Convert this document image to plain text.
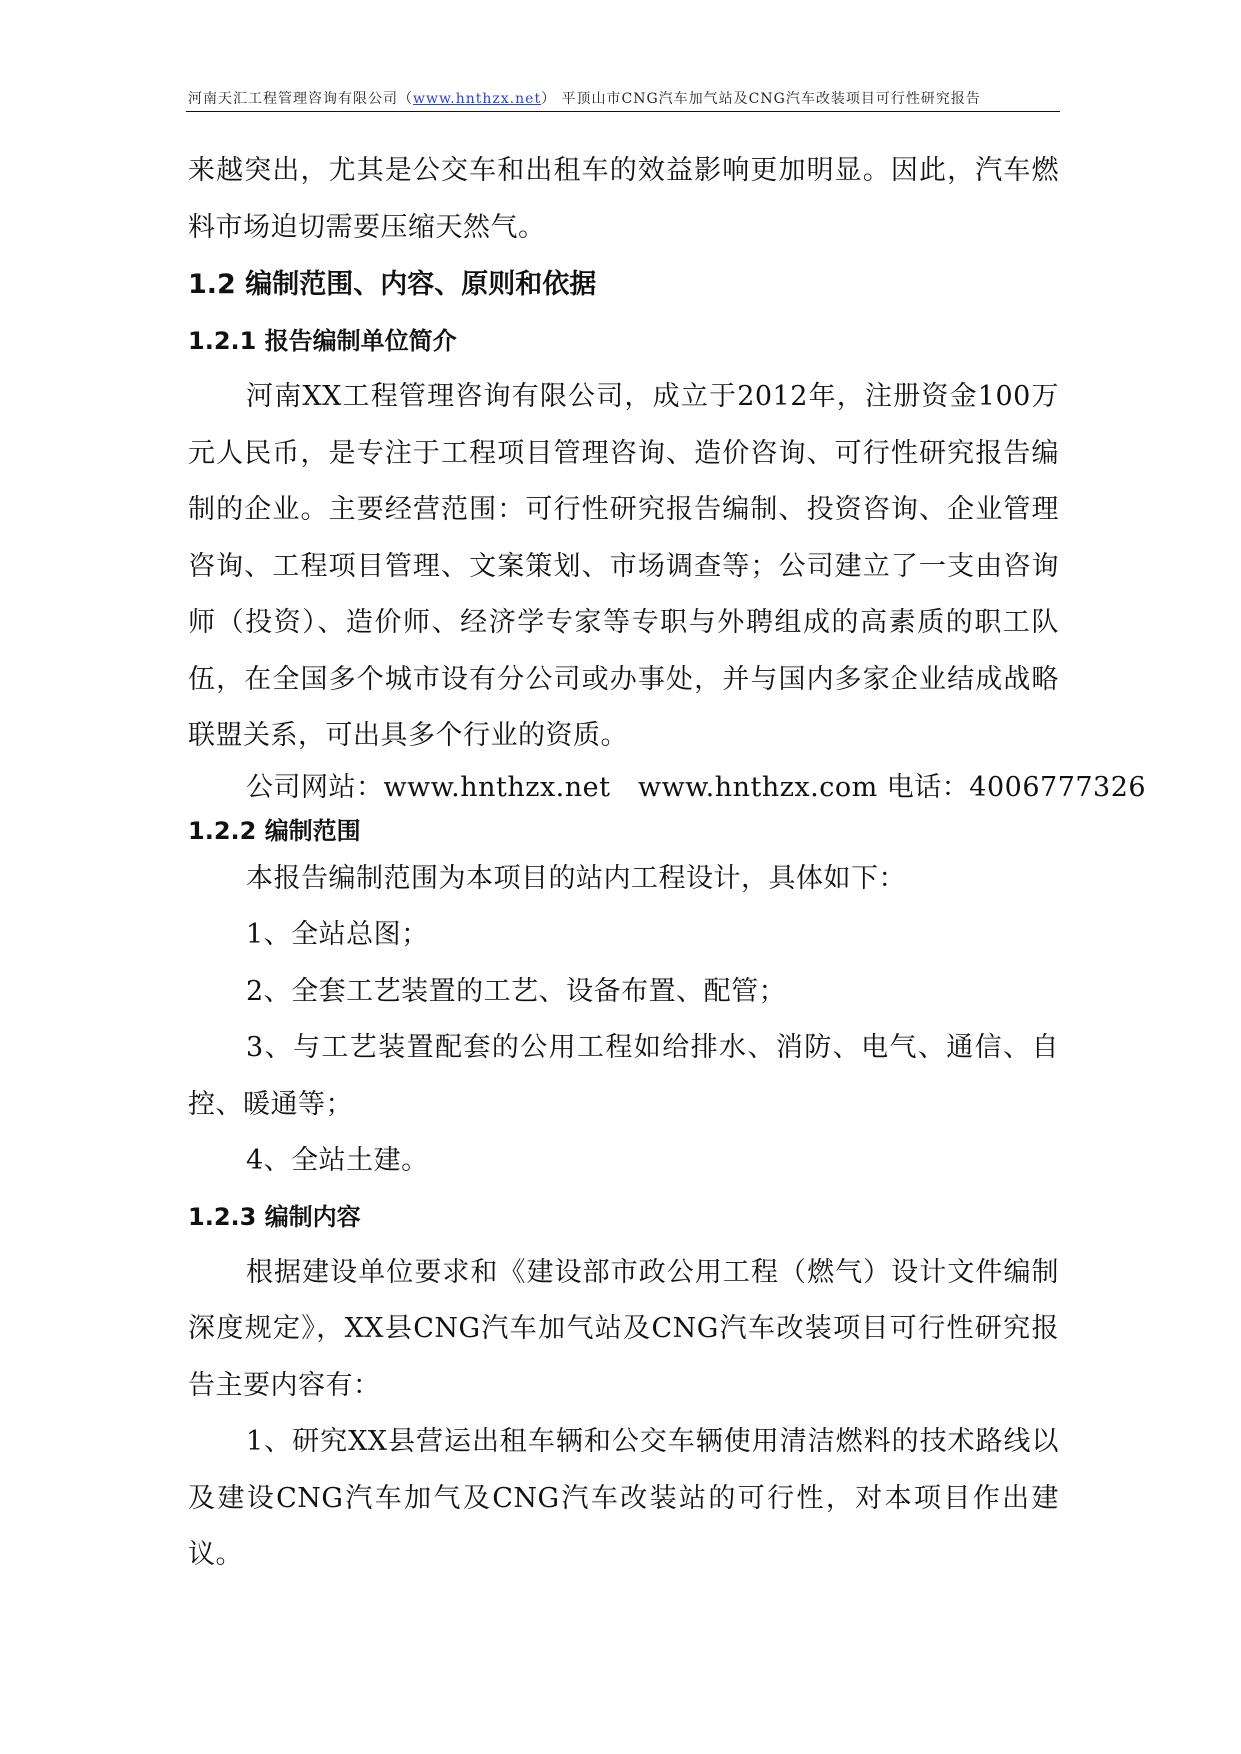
河南天汇工程管理咨询有限公司（www.hnthzx.net） 平顶山市CNG汽车加气站及CNG汽车改装项目可行性研究报告

来越突出，尤其是公交车和出租车的效益影响更加明显。因此，汽车燃料市场迫切需要压缩天然气。

1.2 编制范围、内容、原则和依据
1.2.1 报告编制单位简介

河南XX工程管理咨询有限公司，成立于2012年，注册资金100万元人民币，是专注于工程项目管理咨询、造价咨询、可行性研究报告编制的企业。主要经营范围：可行性研究报告编制、投资咨询、企业管理咨询、工程项目管理、文案策划、市场调查等；公司建立了一支由咨询师（投资）、造价师、经济学专家等专职与外聘组成的高素质的职工队伍，在全国多个城市设有分公司或办事处，并与国内多家企业结成战略联盟关系，可出具多个行业的资质。

公司网站：www.hnthzx.net　www.hnthzx.com 电话：4006777326

1.2.2 编制范围

本报告编制范围为本项目的站内工程设计，具体如下：

1、全站总图；

2、全套工艺装置的工艺、设备布置、配管；

3、与工艺装置配套的公用工程如给排水、消防、电气、通信、自控、暖通等；

4、全站土建。

1.2.3 编制内容

根据建设单位要求和《建设部市政公用工程（燃气）设计文件编制深度规定》，XX县CNG汽车加气站及CNG汽车改装项目可行性研究报告主要内容有：

1、研究XX县营运出租车辆和公交车辆使用清洁燃料的技术路线以及建设CNG汽车加气及CNG汽车改装站的可行性，对本项目作出建议。
